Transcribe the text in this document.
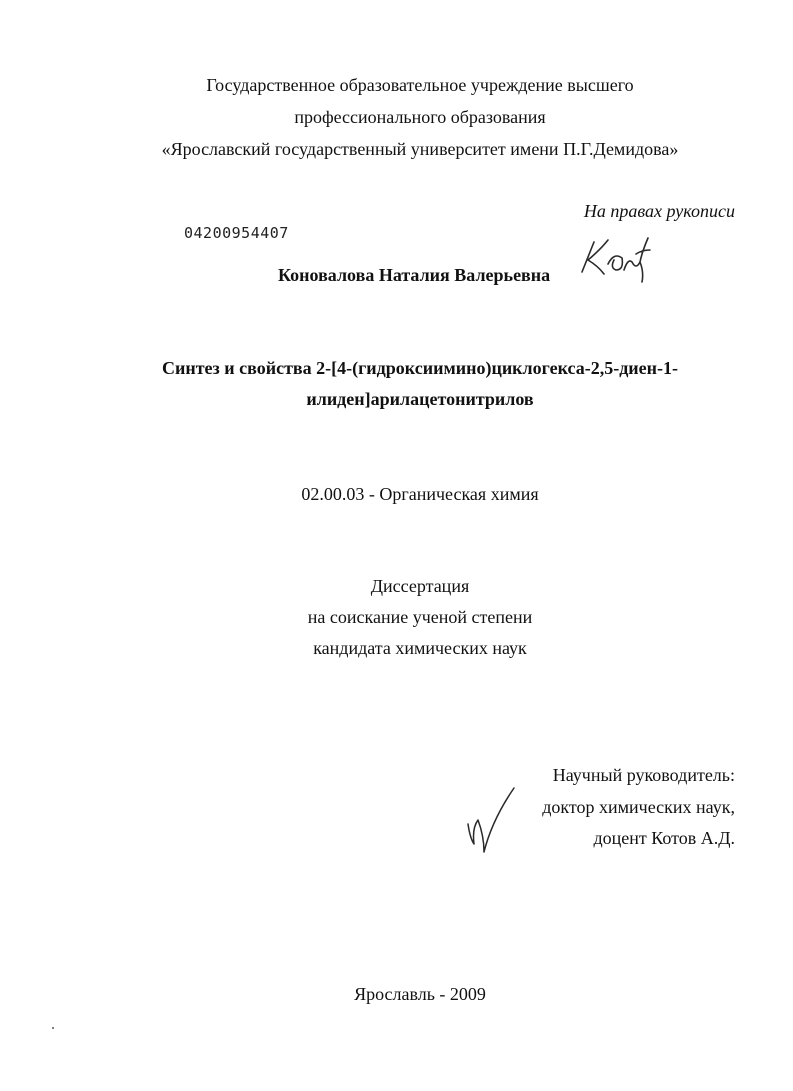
Государственное образовательное учреждение высшего
профессионального образования
«Ярославский государственный университет имени П.Г.Демидова»
На правах рукописи
04200954407
Коновалова Наталия Валерьевна
Коно
Синтез и свойства 2-[4-(гидроксиимино)циклогекса-2,5-диен-1-
илиден]арилацетонитрилов
02.00.03 - Органическая химия
Диссертация
на соискание ученой степени
кандидата химических наук
Научный руководитель:
доктор химических наук,
доцент Котов А.Д.
Ярославль - 2009
